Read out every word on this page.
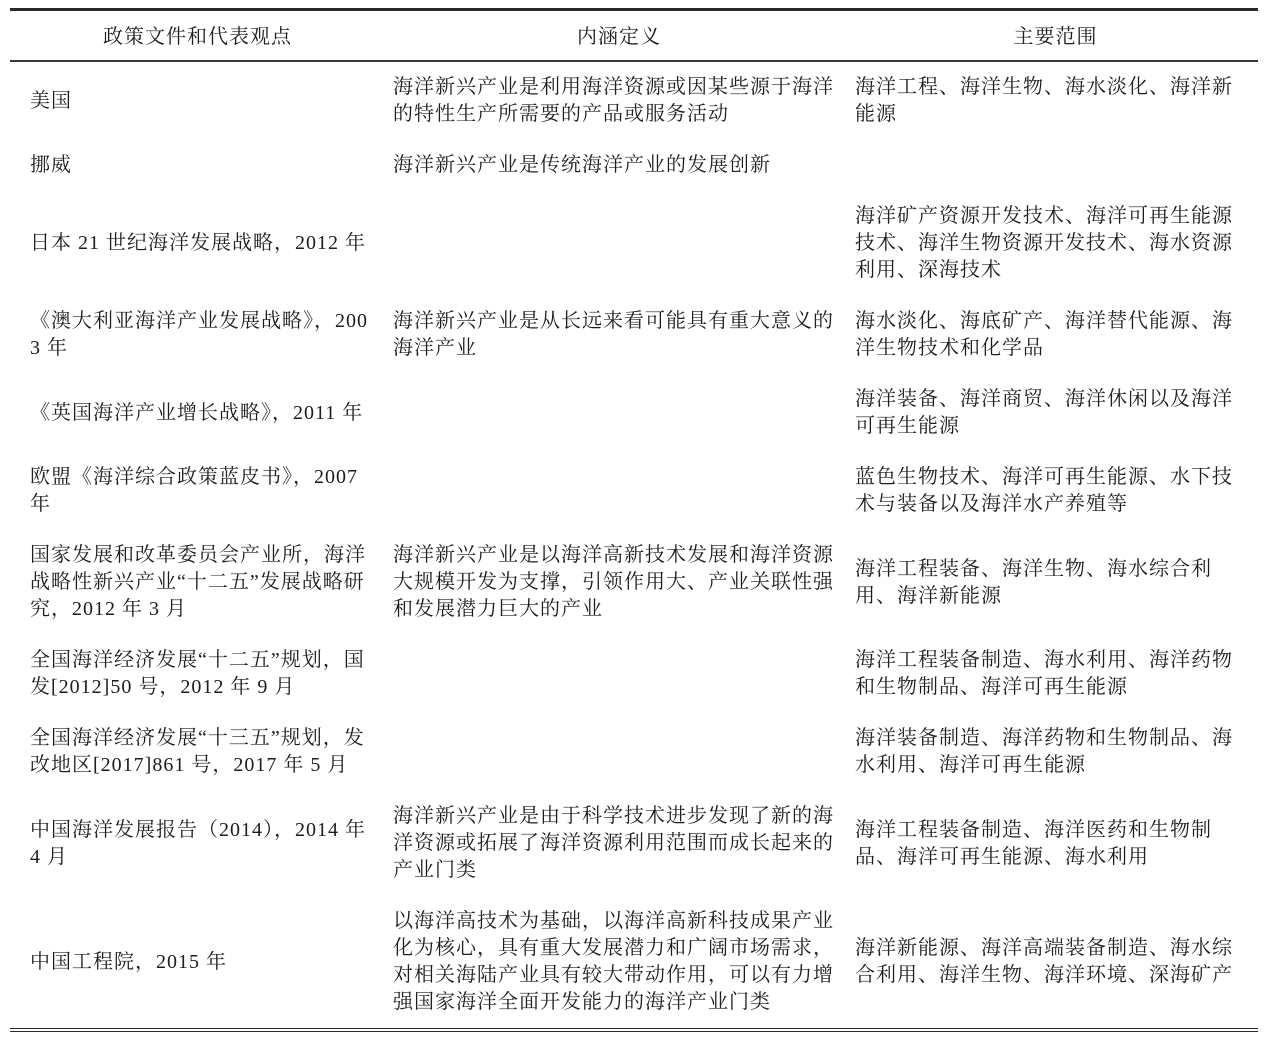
政策文件和代表观点	内涵定义	主要范围
美国	海洋新兴产业是利用海洋资源或因某些源于海洋的特性生产所需要的产品或服务活动	海洋工程、海洋生物、海水淡化、海洋新能源
挪威	海洋新兴产业是传统海洋产业的发展创新	
日本 21 世纪海洋发展战略，2012 年		海洋矿产资源开发技术、海洋可再生能源技术、海洋生物资源开发技术、海水资源利用、深海技术
《澳大利亚海洋产业发展战略》，2003 年	海洋新兴产业是从长远来看可能具有重大意义的海洋产业	海水淡化、海底矿产、海洋替代能源、海洋生物技术和化学品
《英国海洋产业增长战略》，2011 年		海洋装备、海洋商贸、海洋休闲以及海洋可再生能源
欧盟《海洋综合政策蓝皮书》，2007 年		蓝色生物技术、海洋可再生能源、水下技术与装备以及海洋水产养殖等
国家发展和改革委员会产业所，海洋战略性新兴产业“十二五”发展战略研究，2012 年 3 月	海洋新兴产业是以海洋高新技术发展和海洋资源大规模开发为支撑，引领作用大、产业关联性强和发展潜力巨大的产业	海洋工程装备、海洋生物、海水综合利用、海洋新能源
全国海洋经济发展“十二五”规划，国发[2012]50 号，2012 年 9 月		海洋工程装备制造、海水利用、海洋药物和生物制品、海洋可再生能源
全国海洋经济发展“十三五”规划，发改地区[2017]861 号，2017 年 5 月		海洋装备制造、海洋药物和生物制品、海水利用、海洋可再生能源
中国海洋发展报告（2014），2014 年 4 月	海洋新兴产业是由于科学技术进步发现了新的海洋资源或拓展了海洋资源利用范围而成长起来的产业门类	海洋工程装备制造、海洋医药和生物制品、海洋可再生能源、海水利用
中国工程院，2015 年	以海洋高技术为基础，以海洋高新科技成果产业化为核心，具有重大发展潜力和广阔市场需求，对相关海陆产业具有较大带动作用，可以有力增强国家海洋全面开发能力的海洋产业门类	海洋新能源、海洋高端装备制造、海水综合利用、海洋生物、海洋环境、深海矿产
